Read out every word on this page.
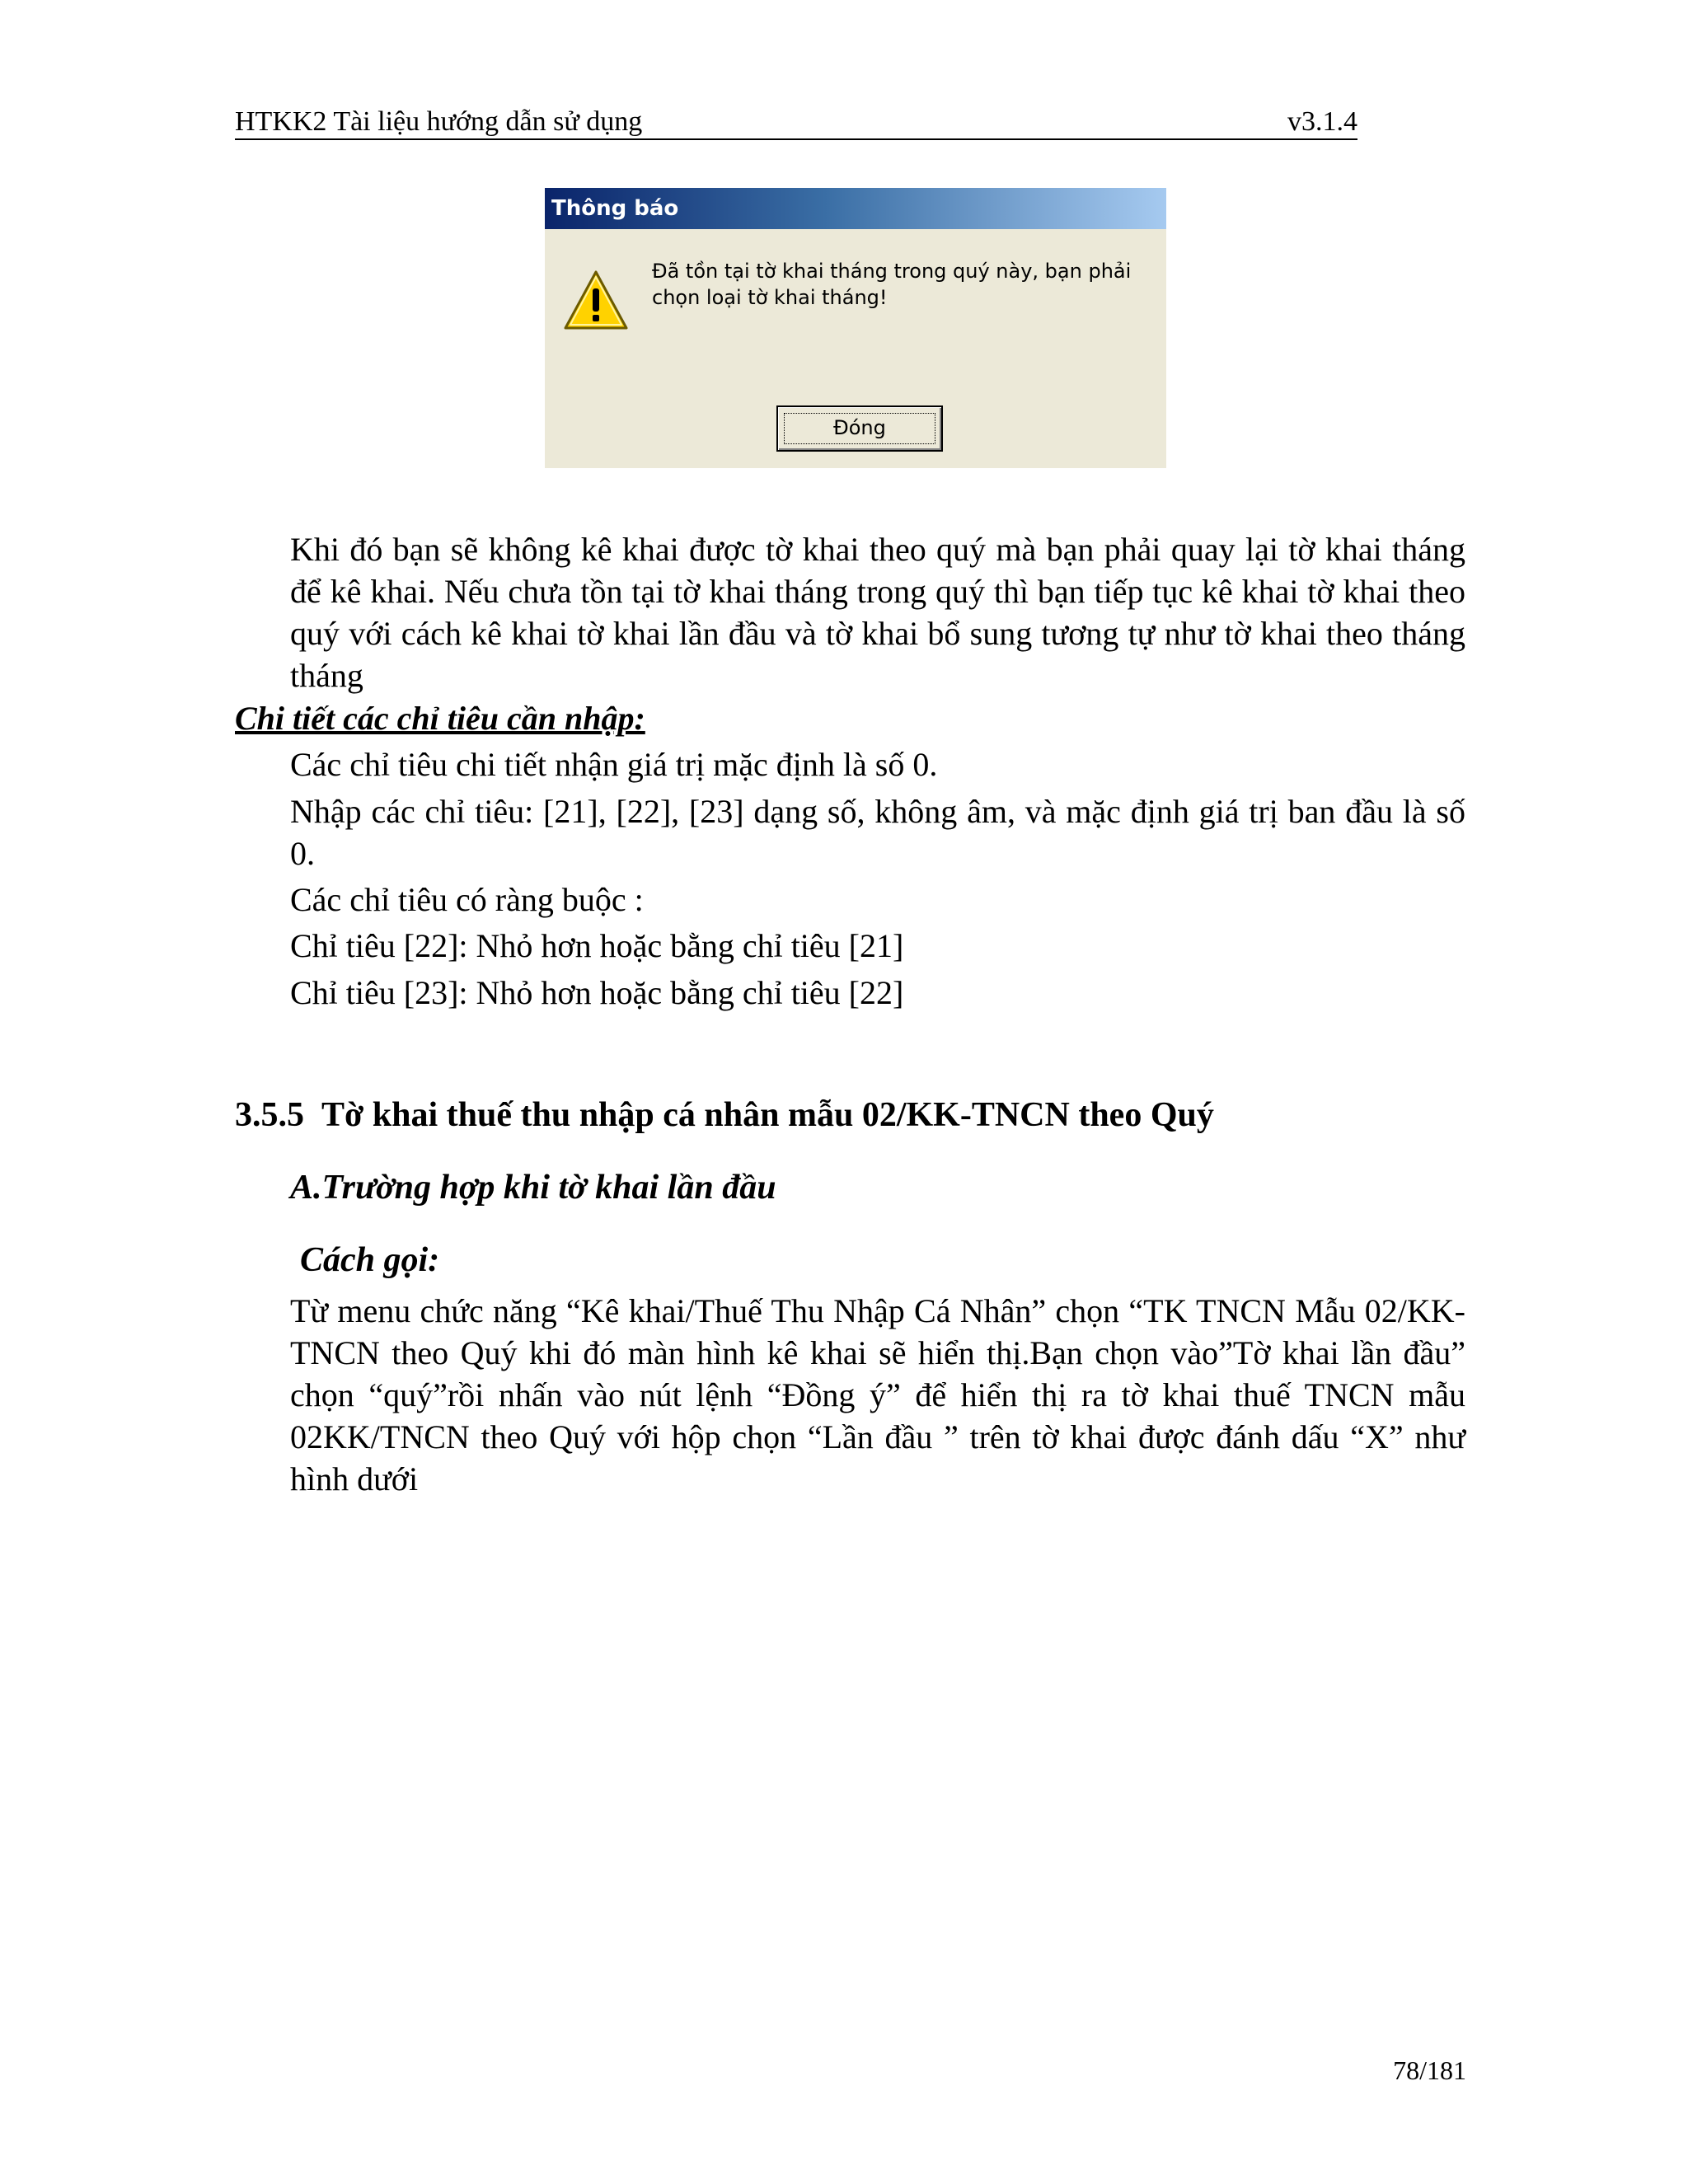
HTKK2 Tài liệu hướng dẫn sử dụng	v3.1.4
Thông báo
Đã tồn tại tờ khai tháng trong quý này, bạn phải
chọn loại tờ khai tháng!
Đóng
Khi đó bạn sẽ không kê khai được tờ khai theo quý mà bạn phải quay lại tờ khai tháng để kê khai. Nếu chưa tồn tại tờ khai tháng trong quý thì bạn tiếp tục kê khai tờ khai theo quý với cách kê khai tờ khai lần đầu và tờ khai bổ sung tương tự như tờ khai theo tháng tháng
Chi tiết các chỉ tiêu cần nhập:
Các chỉ tiêu chi tiết nhận giá trị mặc định là số 0.
Nhập các chỉ tiêu: [21], [22], [23] dạng số, không âm, và mặc định giá trị ban đầu là số 0.
Các chỉ tiêu có ràng buộc :
Chỉ tiêu [22]: Nhỏ hơn hoặc bằng chỉ tiêu [21]
Chỉ tiêu [23]: Nhỏ hơn hoặc bằng chỉ tiêu [22]
3.5.5 Tờ khai thuế thu nhập cá nhân mẫu 02/KK-TNCN theo Quý
A.Trường hợp khi tờ khai lần đầu
Cách gọi:
Từ menu chức năng “Kê khai/Thuế Thu Nhập Cá Nhân” chọn “TK TNCN Mẫu 02/KK-TNCN theo Quý khi đó màn hình kê khai sẽ hiển thị.Bạn chọn vào”Tờ khai lần đầu” chọn “quý”rồi nhấn vào nút lệnh “Đồng ý” để hiển thị ra tờ khai thuế TNCN mẫu 02KK/TNCN theo Quý với hộp chọn “Lần đầu ” trên tờ khai được đánh dấu “X” như hình dưới
78/181
